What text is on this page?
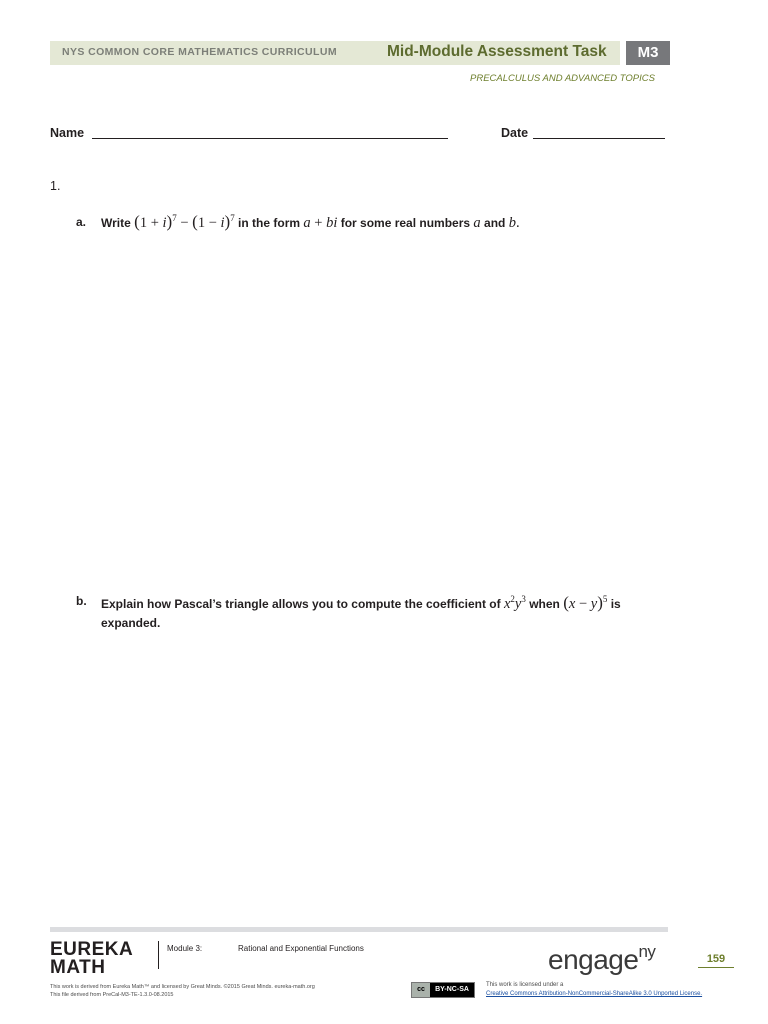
NYS COMMON CORE MATHEMATICS CURRICULUM	Mid-Module Assessment Task	M3
PRECALCULUS AND ADVANCED TOPICS
Name	Date
1.
a. Write $(1 + i)^7 - (1 - i)^7$ in the form a + bi for some real numbers a and b.
b. Explain how Pascal’s triangle allows you to compute the coefficient of $x^2y^3$ when $(x - y)^5$ is expanded.
EUREKA
MATH
Module 3:	Rational and Exponential Functions	engage$^{ny}$	159
This work is derived from Eureka Math™ and licensed by Great Minds. ©2015 Great Minds. eureka-math.org
This file derived from PreCal-M3-TE-1.3.0-08.2015
cc	BY-NC-SA
This work is licensed under a
Creative Commons Attribution-NonCommercial-ShareAlike 3.0 Unported License.
